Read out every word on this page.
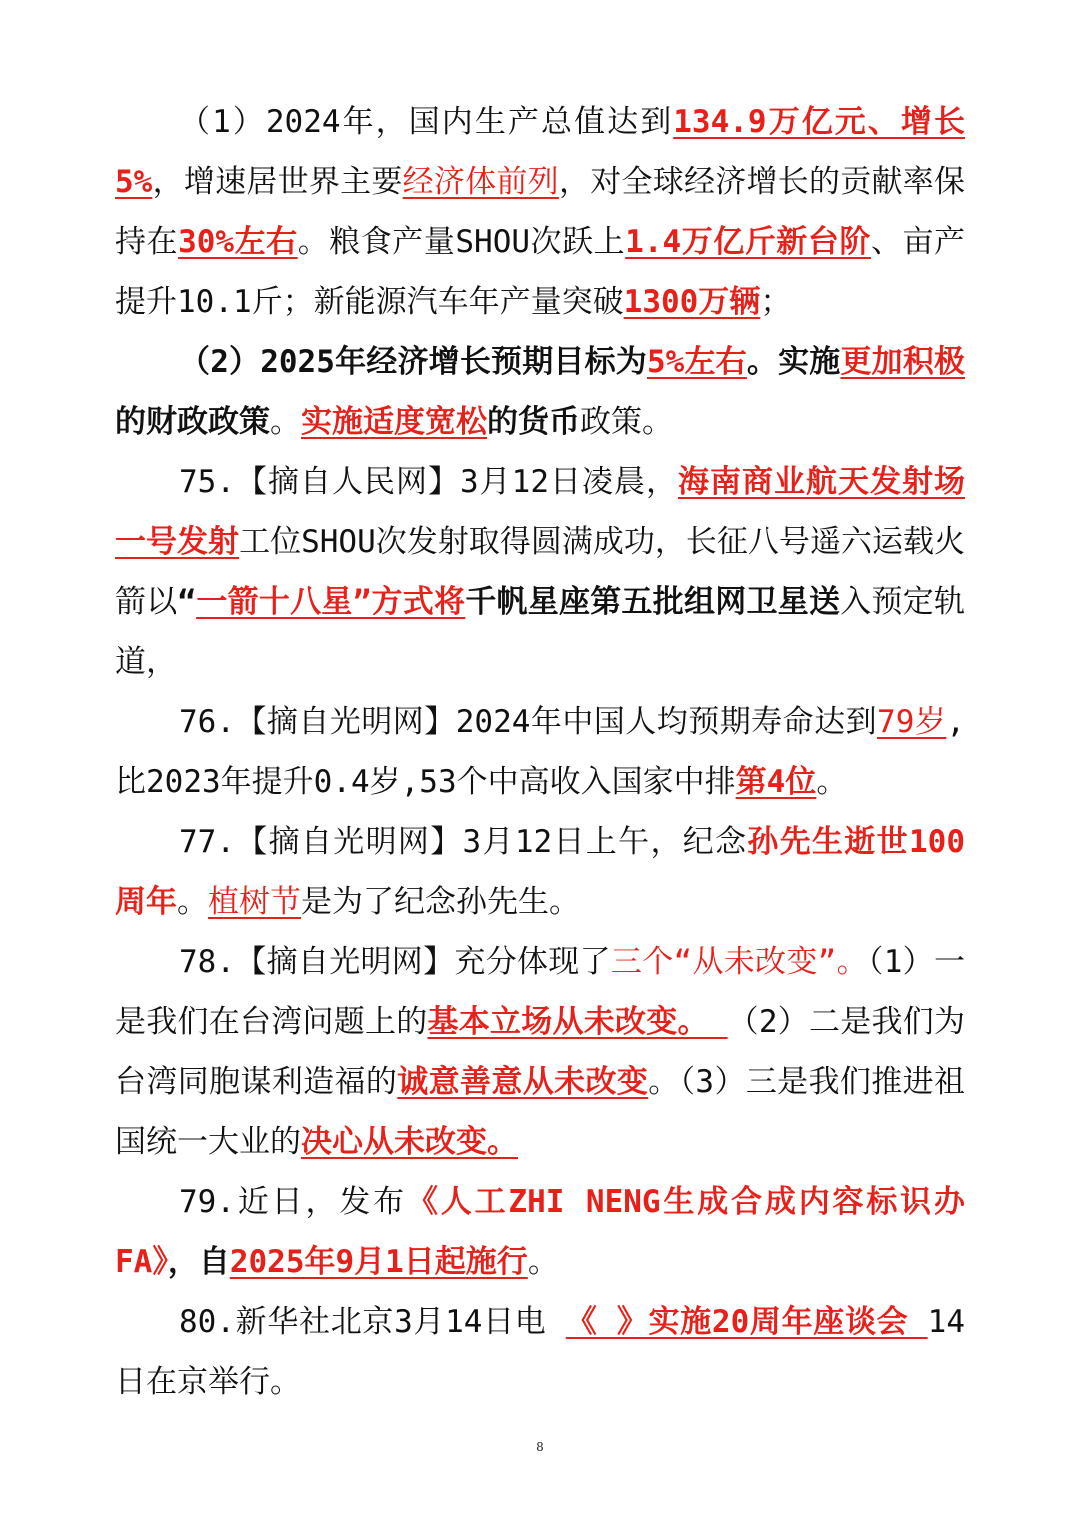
（1）2024年，国内生产总值达到134.9万亿元、增长5%，增速居世界主要经济体前列，对全球经济增长的贡献率保持在30%左右。粮食产量SHOU次跃上1.4万亿斤新台阶、亩产提升10.1斤；新能源汽车年产量突破1300万辆；

（2）2025年经济增长预期目标为5%左右。实施更加积极的财政政策。实施适度宽松的货币政策。

75.【摘自人民网】3月12日凌晨，海南商业航天发射场一号发射工位SHOU次发射取得圆满成功，长征八号遥六运载火箭以“一箭十八星”方式将千帆星座第五批组网卫星送入预定轨道，

76.【摘自光明网】2024年中国人均预期寿命达到79岁,比2023年提升0.4岁,53个中高收入国家中排第4位。

77.【摘自光明网】3月12日上午，纪念孙先生逝世100周年。植树节是为了纪念孙先生。

78.【摘自光明网】充分体现了三个“从未改变”。（1）一是我们在台湾问题上的基本立场从未改变。 （2）二是我们为台湾同胞谋利造福的诚意善意从未改变。（3）三是我们推进祖国统一大业的决心从未改变。

79.近日，发布《人工ZHI NENG生成合成内容标识办FA》，自2025年9月1日起施行。

80.新华社北京3月14日电 《 》实施20周年座谈会 14日在京举行。

8
